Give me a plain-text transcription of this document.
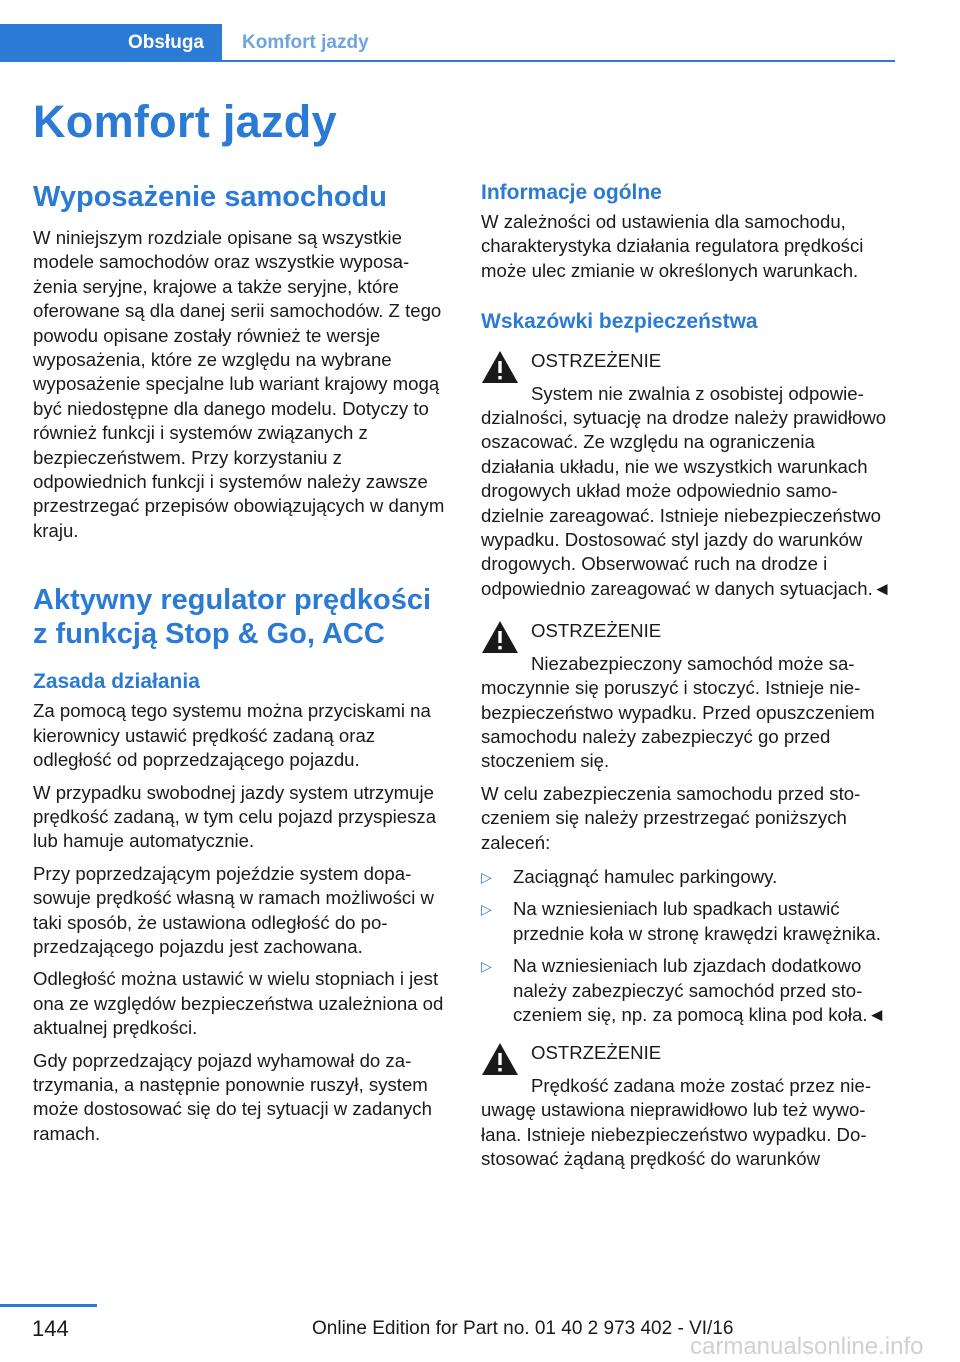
Obsługa	Komfort jazdy
Komfort jazdy
Wyposażenie samochodu

W niniejszym rozdziale opisane są wszystkie modele samochodów oraz wszystkie wyposażenia seryjne, krajowe a także seryjne, które oferowane są dla danej serii samochodów. Z tego powodu opisane zostały również te wersje wyposażenia, które ze względu na wybrane wyposażenie specjalne lub wariant krajowy mogą być niedostępne dla danego modelu. Dotyczy to również funkcji i systemów związanych z bezpieczeństwem. Przy korzystaniu z odpowiednich funkcji i systemów należy zawsze przestrzegać przepisów obowiązujących w danym kraju.

Aktywny regulator prędkości z funkcją Stop & Go, ACC
Zasada działania

Za pomocą tego systemu można przyciskami na kierownicy ustawić prędkość zadaną oraz odległość od poprzedzającego pojazdu.

W przypadku swobodnej jazdy system utrzymuje prędkość zadaną, w tym celu pojazd przyspiesza lub hamuje automatycznie.

Przy poprzedzającym pojeździe system dopasowuje prędkość własną w ramach możliwości w taki sposób, że ustawiona odległość do poprzedzającego pojazdu jest zachowana.

Odległość można ustawić w wielu stopniach i jest ona ze względów bezpieczeństwa uzależniona od aktualnej prędkości.

Gdy poprzedzający pojazd wyhamował do zatrzymania, a następnie ponownie ruszył, system może dostosować się do tej sytuacji w zadanych ramach.

Informacje ogólne

W zależności od ustawienia dla samochodu, charakterystyka działania regulatora prędkości może ulec zmianie w określonych warunkach.

Wskazówki bezpieczeństwa
OSTRZEŻENIE

System nie zwalnia z osobistej odpowiedzialności, sytuację na drodze należy prawidłowo oszacować. Ze względu na ograniczenia działania układu, nie we wszystkich warunkach drogowych układ może odpowiednio samodzielnie zareagować. Istnieje niebezpieczeństwo wypadku. Dostosować styl jazdy do warunków drogowych. Obserwować ruch na drodze i odpowiednio zareagować w danych sytuacjach.◄

OSTRZEŻENIE

Niezabezpieczony samochód może samoczynnie się poruszyć i stoczyć. Istnieje niebezpieczeństwo wypadku. Przed opuszczeniem samochodu należy zabezpieczyć go przed stoczeniem się.

W celu zabezpieczenia samochodu przed stoczeniem się należy przestrzegać poniższych zaleceń:

▷ Zaciągnąć hamulec parkingowy.
▷ Na wzniesieniach lub spadkach ustawić przednie koła w stronę krawędzi krawężnika.
▷ Na wzniesieniach lub zjazdach dodatkowo należy zabezpieczyć samochód przed stoczeniem się, np. za pomocą klina pod koła.◄
OSTRZEŻENIE

Prędkość zadana może zostać przez nieuwagę ustawiona nieprawidłowo lub też wywołana. Istnieje niebezpieczeństwo wypadku. Dostosować żądaną prędkość do warunków

144	Online Edition for Part no. 01 40 2 973 402 - VI/16
carmanualsonline.info
